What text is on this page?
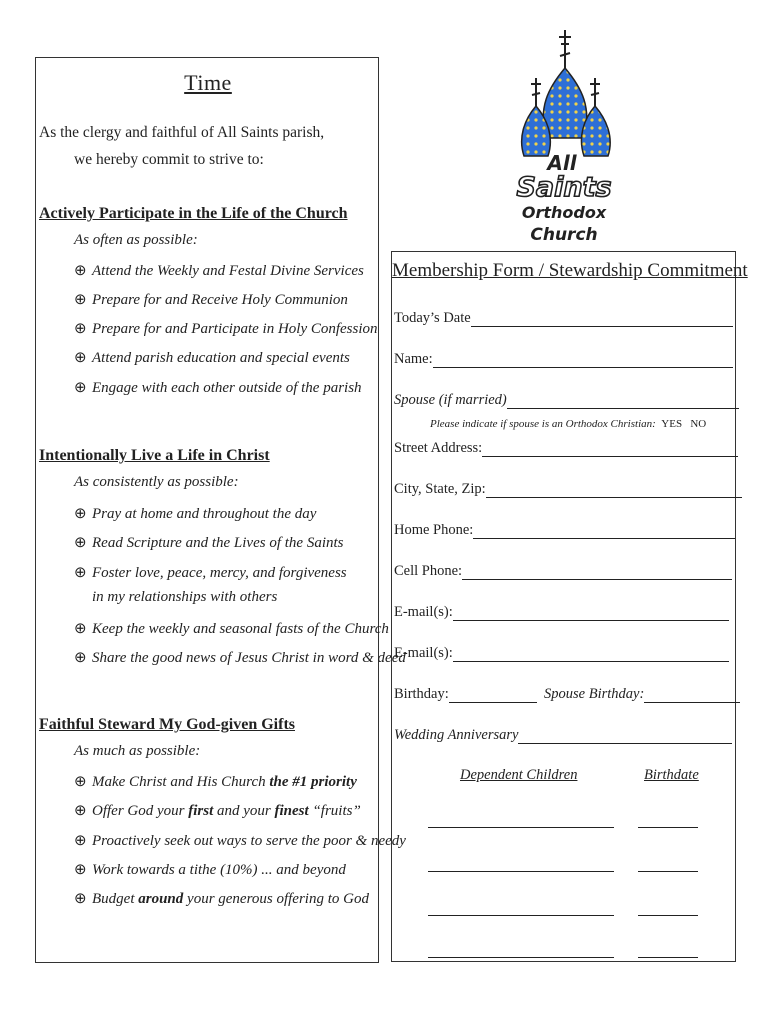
Time
As the clergy and faithful of All Saints parish,
we hereby commit to strive to:
Actively Participate in the Life of the Church
As often as possible:
⊕ Attend the Weekly and Festal Divine Services
⊕ Prepare for and Receive Holy Communion
⊕ Prepare for and Participate in Holy Confession
⊕ Attend parish education and special events
⊕ Engage with each other outside of the parish
Intentionally Live a Life in Christ
As consistently as possible:
⊕ Pray at home and throughout the day
⊕ Read Scripture and the Lives of the Saints
⊕ Foster love, peace, mercy, and forgiveness
in my relationships with others
⊕ Keep the weekly and seasonal fasts of the Church
⊕ Share the good news of Jesus Christ in word & deed
Faithful Steward My God-given Gifts
As much as possible:
⊕ Make Christ and His Church the #1 priority
⊕ Offer God your first and your finest “fruits”
⊕ Proactively seek out ways to serve the poor & needy
⊕ Work towards a tithe (10%) ... and beyond
⊕ Budget around your generous offering to God
All
Saints
Orthodox
Church
Membership Form / Stewardship Commitment
Today’s Date
Name:
Spouse (if married)
Please indicate if spouse is an Orthodox Christian: YES NO
Street Address:
City, State, Zip:
Home Phone:
Cell Phone:
E-mail(s):
E-mail(s):
Birthday:	Spouse Birthday:
Wedding Anniversary
Dependent Children	Birthdate
